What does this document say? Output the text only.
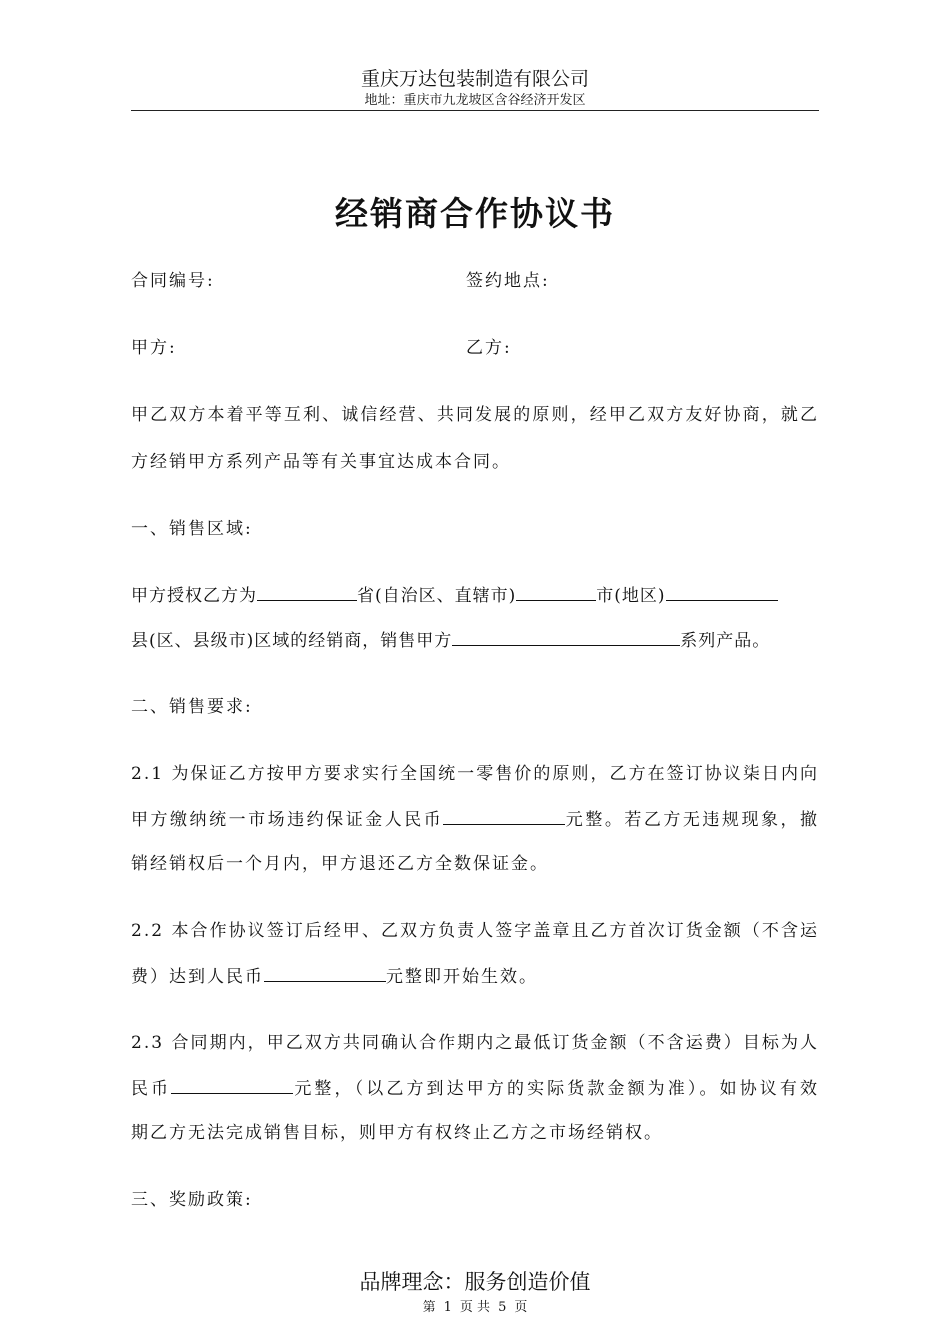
重庆万达包装制造有限公司
地址：重庆市九龙坡区含谷经济开发区
经销商合作协议书
合同编号:	签约地点:
甲方:	乙方:
甲乙双方本着平等互利、诚信经营、共同发展的原则，经甲乙双方友好协商，就乙
方经销甲方系列产品等有关事宜达成本合同。
一、销售区域:
甲方授权乙方为	省(自治区、直辖市)	市(地区)
县(区、县级市)区域的经销商，销售甲方	系列产品。
二、销售要求:
2.1 为保证乙方按甲方要求实行全国统一零售价的原则，乙方在签订协议柒日内向
甲方缴纳统一市场违约保证金人民币	元整。若乙方无违规现象，撤
销经销权后一个月内，甲方退还乙方全数保证金。
2.2 本合作协议签订后经甲、乙双方负责人签字盖章且乙方首次订货金额（不含运
费）达到人民币	元整即开始生效。
2.3 合同期内，甲乙双方共同确认合作期内之最低订货金额（不含运费）目标为人
民币	元整，（以乙方到达甲方的实际货款金额为准）。如协议有效
期乙方无法完成销售目标，则甲方有权终止乙方之市场经销权。
三、奖励政策:
品牌理念：服务创造价值
第 1 页 共 5 页
